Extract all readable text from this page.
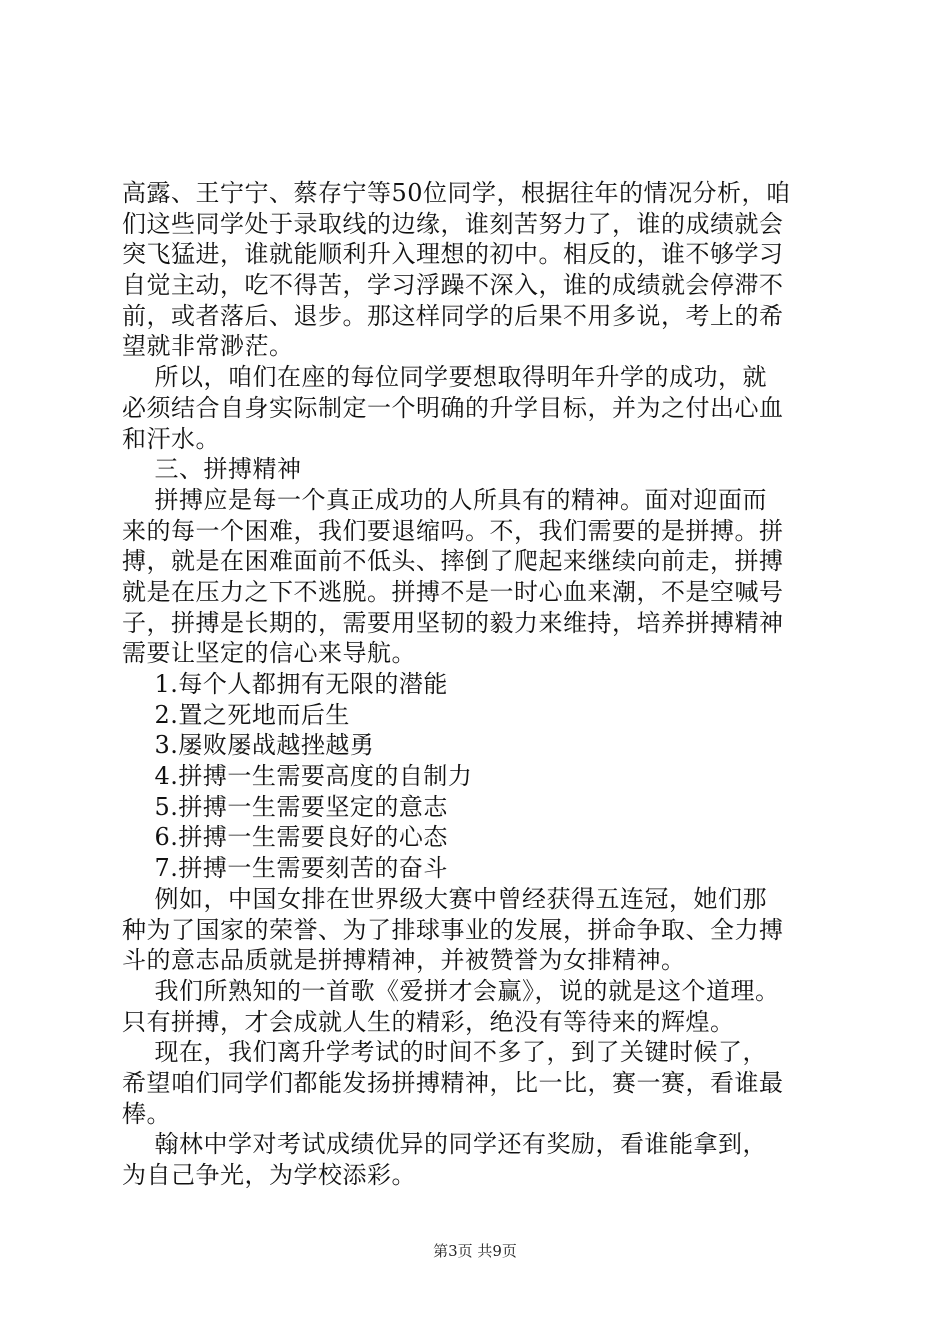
高露、王宁宁、蔡存宁等50位同学，根据往年的情况分析，咱
们这些同学处于录取线的边缘，谁刻苦努力了，谁的成绩就会
突飞猛进，谁就能顺利升入理想的初中。相反的，谁不够学习
自觉主动，吃不得苦，学习浮躁不深入，谁的成绩就会停滞不
前，或者落后、退步。那这样同学的后果不用多说，考上的希
望就非常渺茫。
所以，咱们在座的每位同学要想取得明年升学的成功，就
必须结合自身实际制定一个明确的升学目标，并为之付出心血
和汗水。
三、拼搏精神
拼搏应是每一个真正成功的人所具有的精神。面对迎面而
来的每一个困难，我们要退缩吗。不，我们需要的是拼搏。拼
搏，就是在困难面前不低头、摔倒了爬起来继续向前走，拼搏
就是在压力之下不逃脱。拼搏不是一时心血来潮，不是空喊号
子，拼搏是长期的，需要用坚韧的毅力来维持，培养拼搏精神
需要让坚定的信心来导航。
1.每个人都拥有无限的潜能
2.置之死地而后生
3.屡败屡战越挫越勇
4.拼搏一生需要高度的自制力
5.拼搏一生需要坚定的意志
6.拼搏一生需要良好的心态
7.拼搏一生需要刻苦的奋斗
例如，中国女排在世界级大赛中曾经获得五连冠，她们那
种为了国家的荣誉、为了排球事业的发展，拼命争取、全力搏
斗的意志品质就是拼搏精神，并被赞誉为女排精神。
我们所熟知的一首歌《爱拼才会赢》，说的就是这个道理。
只有拼搏，才会成就人生的精彩，绝没有等待来的辉煌。
现在，我们离升学考试的时间不多了，到了关键时候了，
希望咱们同学们都能发扬拼搏精神，比一比，赛一赛，看谁最
棒。
翰林中学对考试成绩优异的同学还有奖励，看谁能拿到，
为自己争光，为学校添彩。
第3页 共9页
